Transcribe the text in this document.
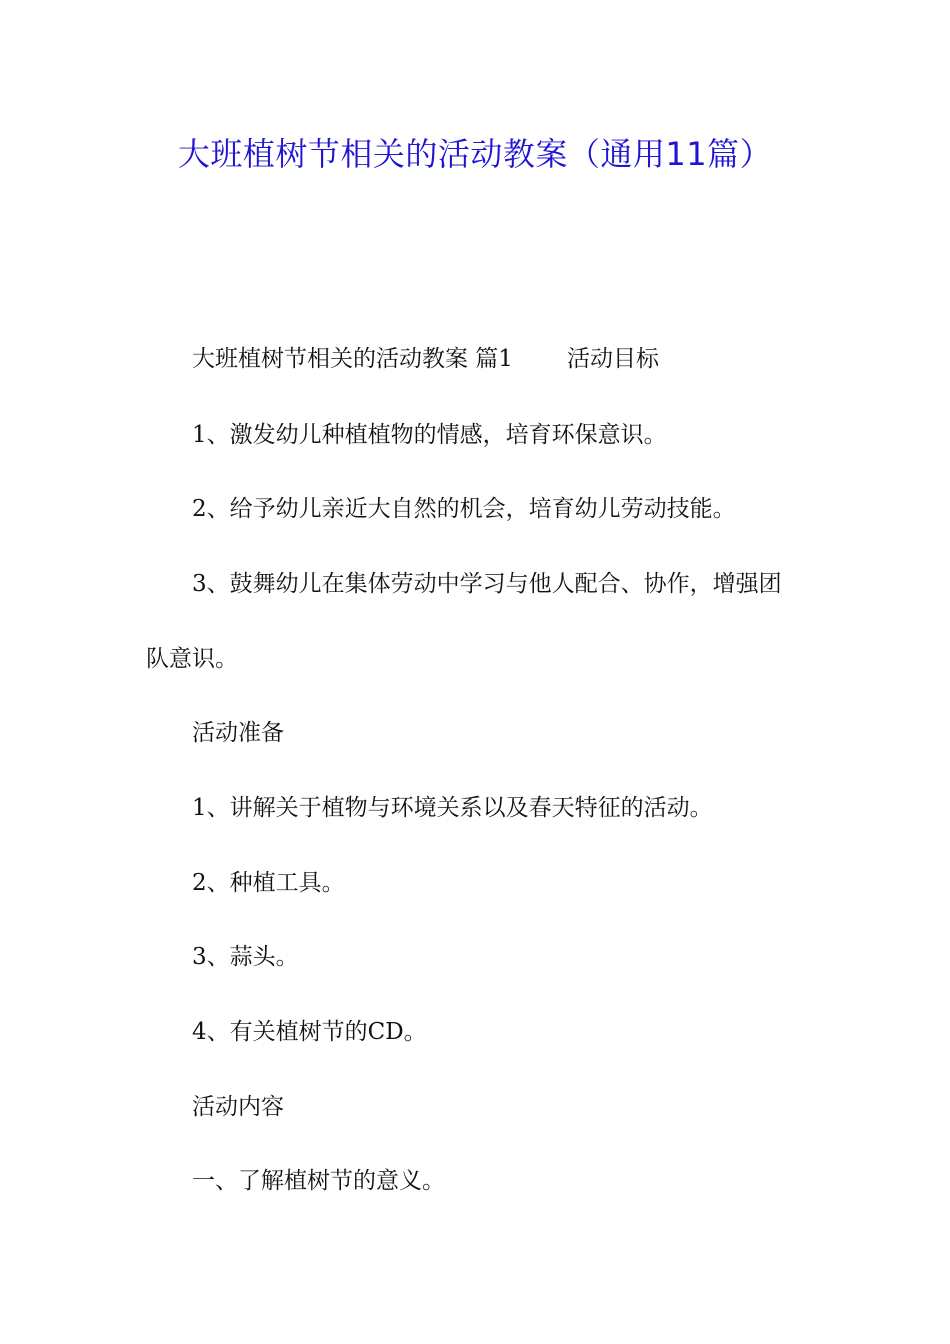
大班植树节相关的活动教案（通用11篇）

大班植树节相关的活动教案 篇1 活动目标

1、激发幼儿种植植物的情感，培育环保意识。

2、给予幼儿亲近大自然的机会，培育幼儿劳动技能。

3、鼓舞幼儿在集体劳动中学习与他人配合、协作，增强团

队意识。

活动准备

1、讲解关于植物与环境关系以及春天特征的活动。

2、种植工具。

3、蒜头。

4、有关植树节的CD。

活动内容

一、了解植树节的意义。
